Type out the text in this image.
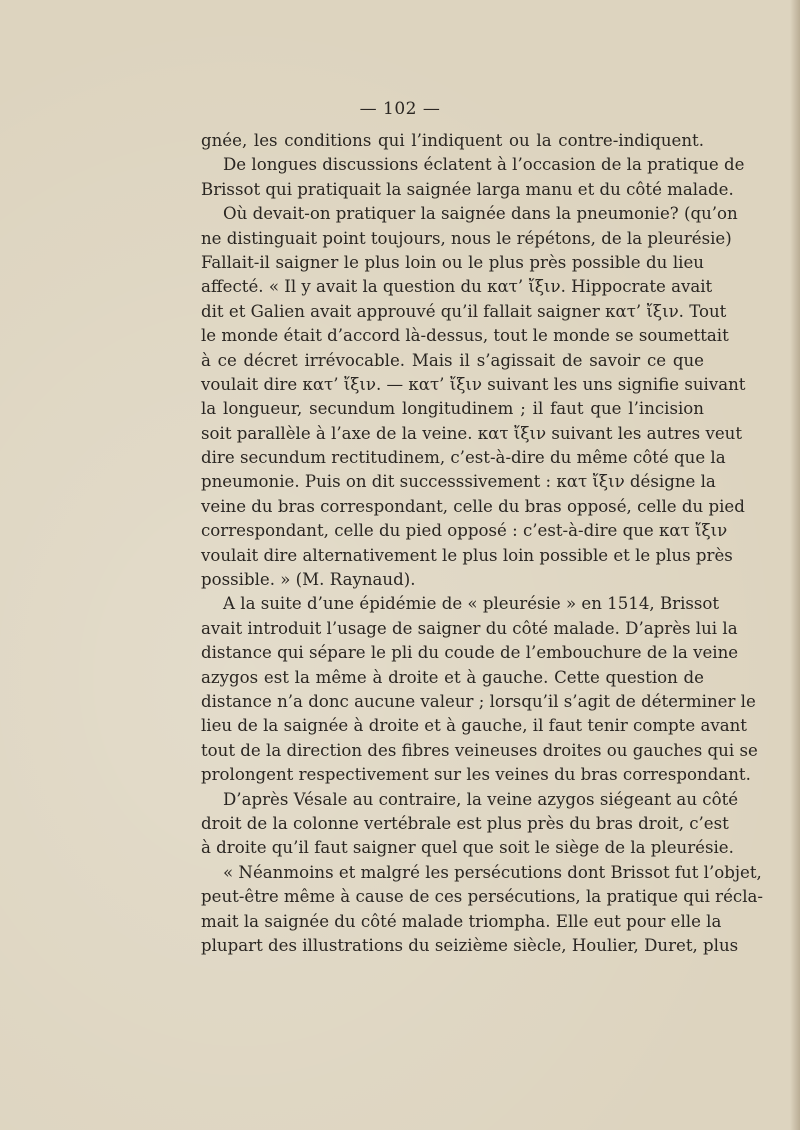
— 102 —
gnée, les conditions qui l’indiquent ou la contre-indiquent.
De longues discussions éclatent à l’occasion de la pratique de
Brissot qui pratiquait la saignée larga manu et du côté malade.
Où devait-on pratiquer la saignée dans la pneumonie? (qu’on
ne distinguait point toujours, nous le répétons, de la pleurésie)
Fallait-il saigner le plus loin ou le plus près possible du lieu
affecté. « Il y avait la question du κατ’ ἴξιν. Hippocrate avait
dit et Galien avait approuvé qu’il fallait saigner κατ’ ἴξιν. Tout
le monde était d’accord là-dessus, tout le monde se soumettait
à ce décret irrévocable. Mais il s’agissait de savoir ce que
voulait dire κατ’ ἴξιν. — κατ’ ἴξιν suivant les uns signifie suivant
la longueur, secundum longitudinem ; il faut que l’incision
soit parallèle à l’axe de la veine. κατ ἴξιν suivant les autres veut
dire secundum rectitudinem, c’est-à-dire du même côté que la
pneumonie. Puis on dit successsivement : κατ ἴξιν désigne la
veine du bras correspondant, celle du bras opposé, celle du pied
correspondant, celle du pied opposé : c’est-à-dire que κατ ἴξιν
voulait dire alternativement le plus loin possible et le plus près
possible. » (M. Raynaud).
A la suite d’une épidémie de « pleurésie » en 1514, Brissot
avait introduit l’usage de saigner du côté malade. D’après lui la
distance qui sépare le pli du coude de l’embouchure de la veine
azygos est la même à droite et à gauche. Cette question de
distance n’a donc aucune valeur ; lorsqu’il s’agit de déterminer le
lieu de la saignée à droite et à gauche, il faut tenir compte avant
tout de la direction des fibres veineuses droites ou gauches qui se
prolongent respectivement sur les veines du bras correspondant.
D’après Vésale au contraire, la veine azygos siégeant au côté
droit de la colonne vertébrale est plus près du bras droit, c’est
à droite qu’il faut saigner quel que soit le siège de la pleurésie.
« Néanmoins et malgré les persécutions dont Brissot fut l’objet,
peut-être même à cause de ces persécutions, la pratique qui récla-
mait la saignée du côté malade triompha. Elle eut pour elle la
plupart des illustrations du seizième siècle, Houlier, Duret, plus
